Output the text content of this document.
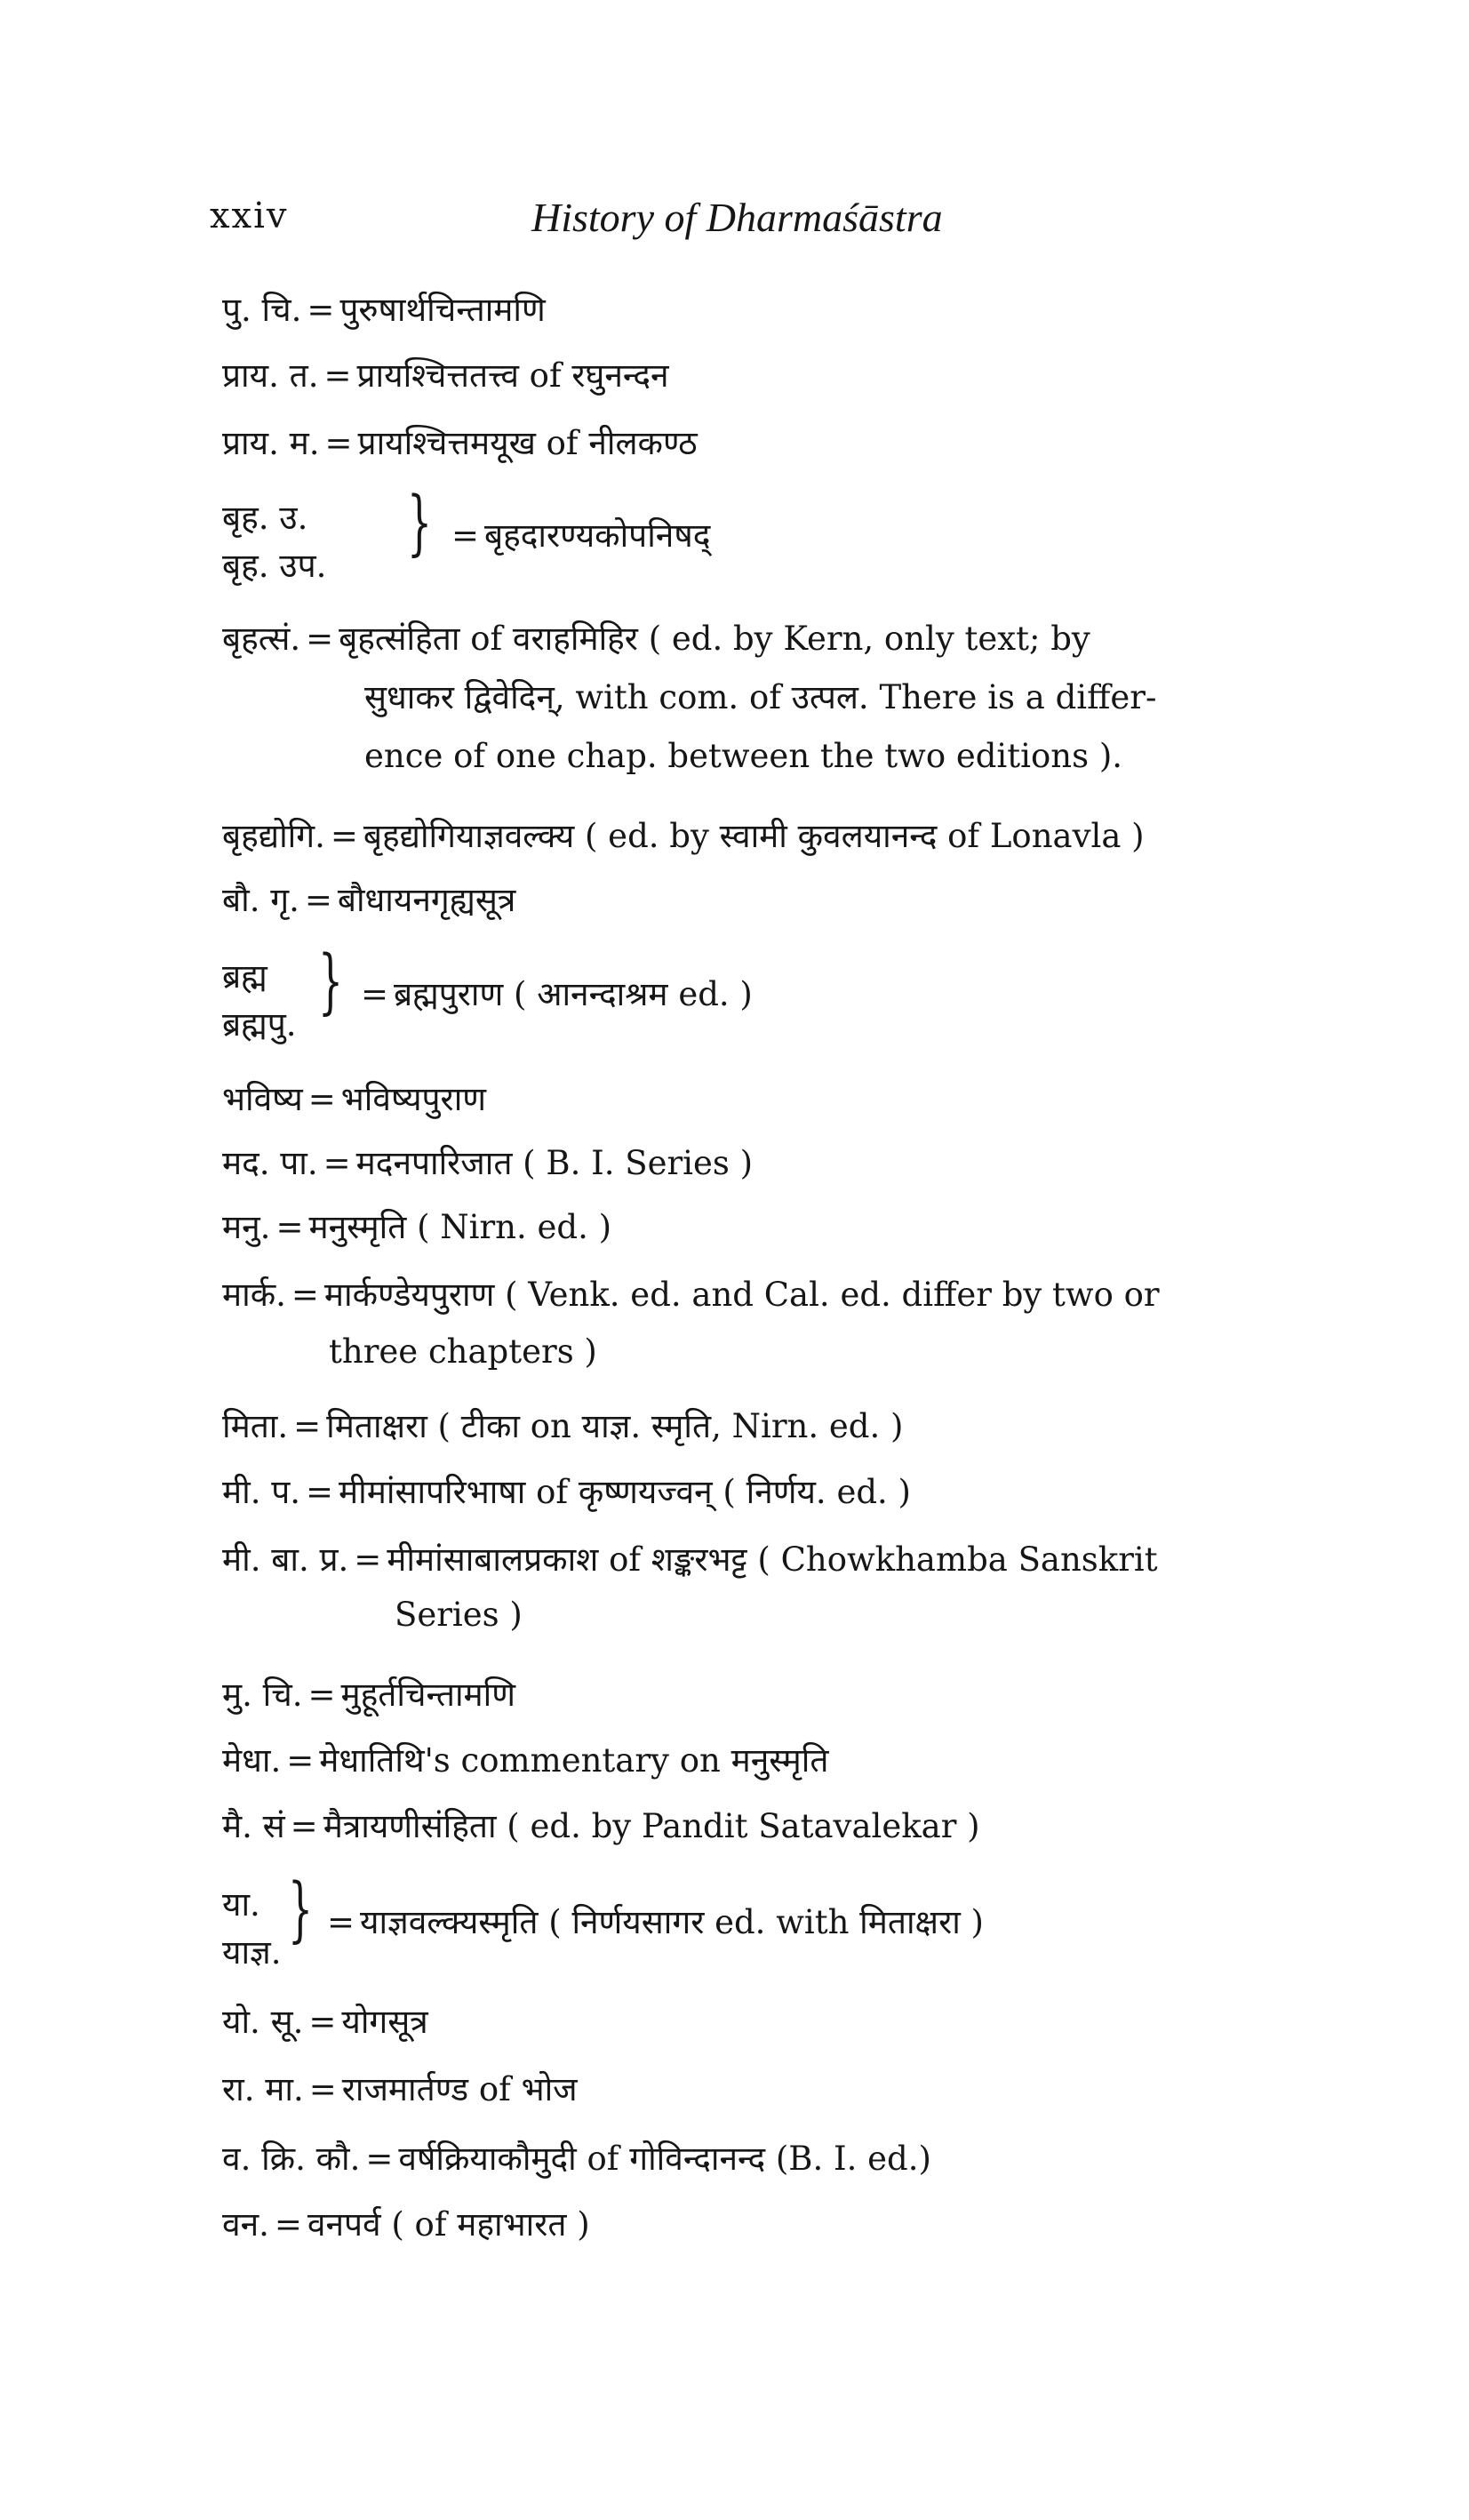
xxiv	History of Dharmaśāstra
पु. चि. = पुरुषार्थचिन्तामणि
प्राय. त. = प्रायश्चित्ततत्त्व of रघुनन्दन
प्राय. म. = प्रायश्चित्तमयूख of नीलकण्ठ
बृह. उ.
बृह. उप.
} = बृहदारण्यकोपनिषद्
बृहत्सं. = बृहत्संहिता of वराहमिहिर ( ed. by Kern, only text; by
सुधाकर द्विवेदिन्, with com. of उत्पल. There is a differ-
ence of one chap. between the two editions ).
बृहद्योगि. = बृहद्योगियाज्ञवल्क्य ( ed. by स्वामी कुवलयानन्द of Lonavla )
बौ. गृ. = बौधायनगृह्यसूत्र
ब्रह्म
ब्रह्मपु.
} = ब्रह्मपुराण ( आनन्दाश्रम ed. )
भविष्य = भविष्यपुराण
मद. पा. = मदनपारिजात ( B. I. Series )
मनु. = मनुस्मृति ( Nirn. ed. )
मार्क. = मार्कण्डेयपुराण ( Venk. ed. and Cal. ed. differ by two or
three chapters )
मिता. = मिताक्षरा ( टीका on याज्ञ. स्मृति, Nirn. ed. )
मी. प. = मीमांसापरिभाषा of कृष्णयज्वन् ( निर्णय. ed. )
मी. बा. प्र. = मीमांसाबालप्रकाश of शङ्करभट्ट ( Chowkhamba Sanskrit
Series )
मु. चि. = मुहूर्तचिन्तामणि
मेधा. = मेधातिथि's commentary on मनुस्मृति
मै. सं = मैत्रायणीसंहिता ( ed. by Pandit Satavalekar )
या.
याज्ञ.
} = याज्ञवल्क्यस्मृति ( निर्णयसागर ed. with मिताक्षरा )
यो. सू. = योगसूत्र
रा. मा. = राजमार्तण्ड of भोज
व. क्रि. कौ. = वर्षक्रियाकौमुदी of गोविन्दानन्द (B. I. ed.)
वन. = वनपर्व ( of महाभारत )
